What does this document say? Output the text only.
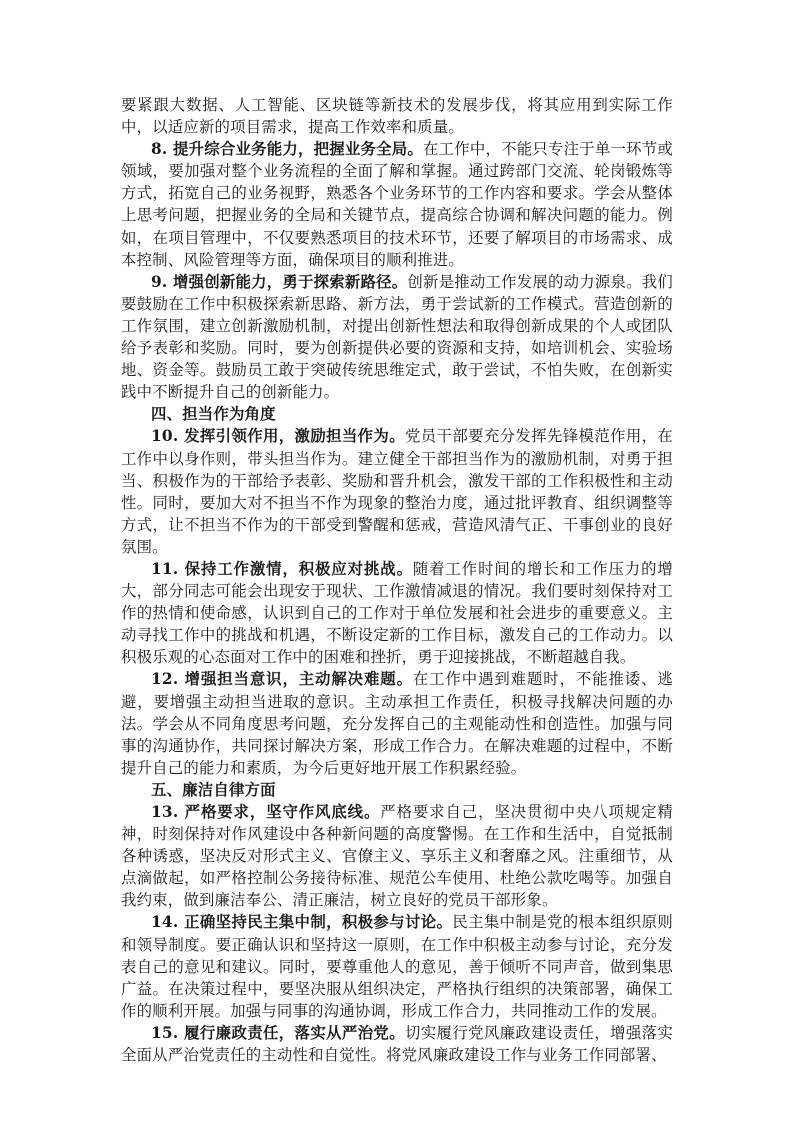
要紧跟大数据、人工智能、区块链等新技术的发展步伐，将其应用到实际工作中，以适应新的项目需求，提高工作效率和质量。

8. 提升综合业务能力，把握业务全局。在工作中，不能只专注于单一环节或领域，要加强对整个业务流程的全面了解和掌握。通过跨部门交流、轮岗锻炼等方式，拓宽自己的业务视野，熟悉各个业务环节的工作内容和要求。学会从整体上思考问题，把握业务的全局和关键节点，提高综合协调和解决问题的能力。例如，在项目管理中，不仅要熟悉项目的技术环节，还要了解项目的市场需求、成本控制、风险管理等方面，确保项目的顺利推进。

9. 增强创新能力，勇于探索新路径。创新是推动工作发展的动力源泉。我们要鼓励在工作中积极探索新思路、新方法，勇于尝试新的工作模式。营造创新的工作氛围，建立创新激励机制，对提出创新性想法和取得创新成果的个人或团队给予表彰和奖励。同时，要为创新提供必要的资源和支持，如培训机会、实验场地、资金等。鼓励员工敢于突破传统思维定式，敢于尝试，不怕失败，在创新实践中不断提升自己的创新能力。

四、担当作为角度

10. 发挥引领作用，激励担当作为。党员干部要充分发挥先锋模范作用，在工作中以身作则，带头担当作为。建立健全干部担当作为的激励机制，对勇于担当、积极作为的干部给予表彰、奖励和晋升机会，激发干部的工作积极性和主动性。同时，要加大对不担当不作为现象的整治力度，通过批评教育、组织调整等方式，让不担当不作为的干部受到警醒和惩戒，营造风清气正、干事创业的良好氛围。

11. 保持工作激情，积极应对挑战。随着工作时间的增长和工作压力的增大，部分同志可能会出现安于现状、工作激情减退的情况。我们要时刻保持对工作的热情和使命感，认识到自己的工作对于单位发展和社会进步的重要意义。主动寻找工作中的挑战和机遇，不断设定新的工作目标，激发自己的工作动力。以积极乐观的心态面对工作中的困难和挫折，勇于迎接挑战，不断超越自我。

12. 增强担当意识，主动解决难题。在工作中遇到难题时，不能推诿、逃避，要增强主动担当进取的意识。主动承担工作责任，积极寻找解决问题的办法。学会从不同角度思考问题，充分发挥自己的主观能动性和创造性。加强与同事的沟通协作，共同探讨解决方案，形成工作合力。在解决难题的过程中，不断提升自己的能力和素质，为今后更好地开展工作积累经验。

五、廉洁自律方面

13. 严格要求，坚守作风底线。严格要求自己，坚决贯彻中央八项规定精神，时刻保持对作风建设中各种新问题的高度警惕。在工作和生活中，自觉抵制各种诱惑，坚决反对形式主义、官僚主义、享乐主义和奢靡之风。注重细节，从点滴做起，如严格控制公务接待标准、规范公车使用、杜绝公款吃喝等。加强自我约束，做到廉洁奉公、清正廉洁，树立良好的党员干部形象。

14. 正确坚持民主集中制，积极参与讨论。民主集中制是党的根本组织原则和领导制度。要正确认识和坚持这一原则，在工作中积极主动参与讨论，充分发表自己的意见和建议。同时，要尊重他人的意见，善于倾听不同声音，做到集思广益。在决策过程中，要坚决服从组织决定，严格执行组织的决策部署，确保工作的顺利开展。加强与同事的沟通协调，形成工作合力，共同推动工作的发展。

15. 履行廉政责任，落实从严治党。切实履行党风廉政建设责任，增强落实全面从严治党责任的主动性和自觉性。将党风廉政建设工作与业务工作同部署、
